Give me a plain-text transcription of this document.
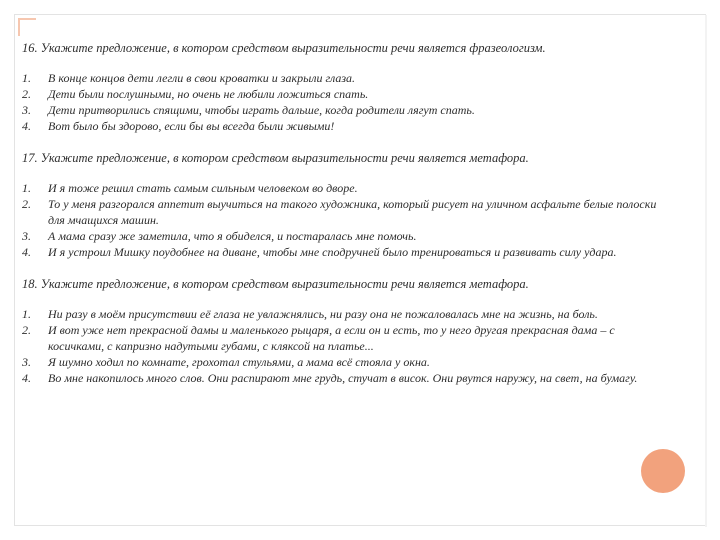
16. Укажите предложение, в котором средством выразительности речи является фразеологизм.

1.	В конце концов дети легли в свои кроватки и закрыли глаза.
2.	Дети были послушными, но очень не любили ложиться спать.
3.	Дети притворились спящими, чтобы играть дальше, когда родители лягут спать.
4.	Вот было бы здорово, если бы вы всегда были живыми!

17. Укажите предложение, в котором средством выразительности речи является метафора.

1.	И я тоже решил стать самым сильным человеком во дворе.
2.	То у меня разгорался аппетит выучиться на такого художника, который рисует на уличном асфальте белые полоски для мчащихся машин.
3.	А мама сразу же заметила, что я обиделся, и постаралась мне помочь.
4.	И я устроил Мишку поудобнее на диване, чтобы мне сподручней было тренироваться и развивать силу удара.

18. Укажите предложение, в котором средством выразительности речи является метафора.

1.	Ни разу в моём присутствии её глаза не увлажнялись, ни разу она не пожаловалась мне на жизнь, на боль.
2.	И вот уже нет прекрасной дамы и маленького рыцаря, а если он и есть, то у него другая прекрасная дама – с косичками, с капризно надутыми губами, с кляксой на платье...
3.	Я шумно ходил по комнате, грохотал стульями, а мама всё стояла у окна.
4.	Во мне накопилось много слов. Они распирают мне грудь, стучат в висок. Они рвутся наружу, на свет, на бумагу.
